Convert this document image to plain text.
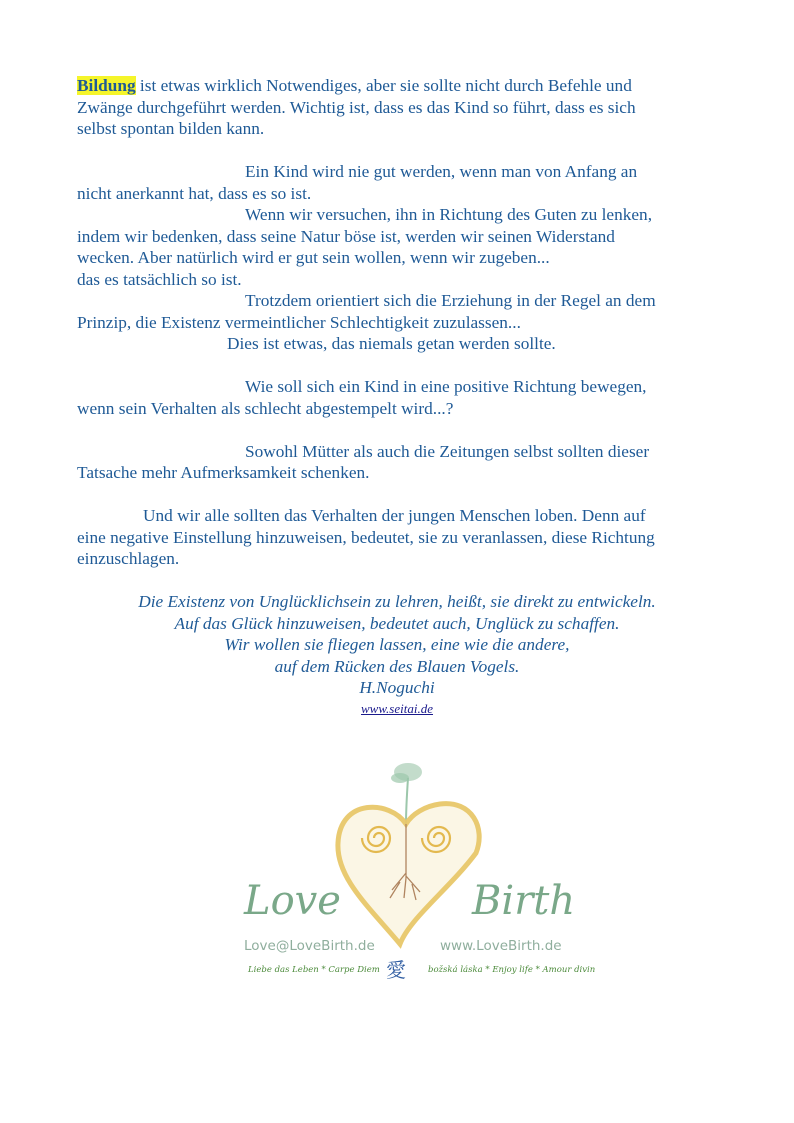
Bildung ist etwas wirklich Notwendiges, aber sie sollte nicht durch Befehle und
Zwänge durchgeführt werden. Wichtig ist, dass es das Kind so führt, dass es sich
selbst spontan bilden kann.

Ein Kind wird nie gut werden, wenn man von Anfang an
nicht anerkannt hat, dass es so ist.

Wenn wir versuchen, ihn in Richtung des Guten zu lenken,
indem wir bedenken, dass seine Natur böse ist, werden wir seinen Widerstand
wecken. Aber natürlich wird er gut sein wollen, wenn wir zugeben...
das es tatsächlich so ist.

Trotzdem orientiert sich die Erziehung in der Regel an dem
Prinzip, die Existenz vermeintlicher Schlechtigkeit zuzulassen...
Dies ist etwas, das niemals getan werden sollte.

Wie soll sich ein Kind in eine positive Richtung bewegen,
wenn sein Verhalten als schlecht abgestempelt wird...?

Sowohl Mütter als auch die Zeitungen selbst sollten dieser
Tatsache mehr Aufmerksamkeit schenken.

Und wir alle sollten das Verhalten der jungen Menschen loben. Denn auf
eine negative Einstellung hinzuweisen, bedeutet, sie zu veranlassen, diese Richtung
einzuschlagen.

Die Existenz von Unglücklichsein zu lehren, heißt, sie direkt zu entwickeln.
Auf das Glück hinzuweisen, bedeutet auch, Unglück zu schaffen.
Wir wollen sie fliegen lassen, eine wie die andere,
auf dem Rücken des Blauen Vogels.
H.Noguchi

www.seitai.de
Love	Birth
Love@LoveBirth.de	www.LoveBirth.de
Liebe das Leben * Carpe Diem 愛	božská láska * Enjoy life * Amour divin
